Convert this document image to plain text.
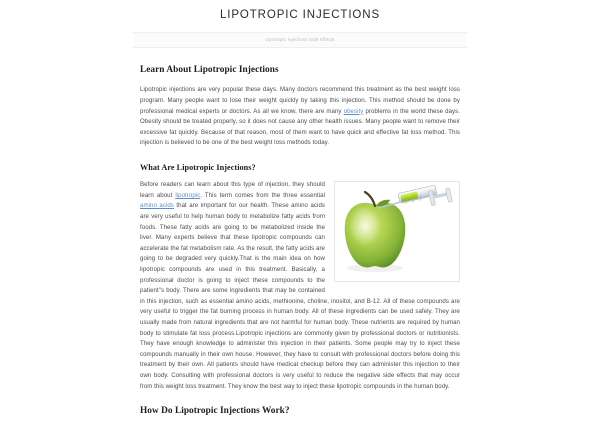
LIPOTROPIC INJECTIONS
Lipotropic Injections Side Effects
Learn About Lipotropic Injections

Lipotropic injections are very popular these days. Many doctors recommend this treatment as the best weight loss program. Many people want to lose their weight quickly by taking this injection. This method should be done by professional medical experts or doctors. As all we know, there are many obesity problems in the world these days. Obesity should be treated properly, so it does not cause any other health issues. Many people want to remove their excessive fat quickly. Because of that reason, most of them want to have quick and effective fat loss method. This injection is believed to be one of the best weight loss methods today.

What Are Lipotropic Injections?

Before readers can learn about this type of injection, they should learn about lipotropic. This term comes from the three essential amino acids that are important for our health. These amino acids are very useful to help human body to metabolize fatty acids from foods. These fatty acids are going to be metabolized inside the liver. Many experts believe that these lipotropic compounds can accelerate the fat metabolism rate. As the result, the fatty acids are going to be degraded very quickly.That is the main idea on how lipotropic compounds are used in this treatment. Basically, a professional doctor is going to inject these compounds to the patient"s body. There are some ingredients that may be contained in this injection, such as essential amino acids, methionine, choline, inositol, and B-12. All of these compounds are very useful to trigger the fat burning process in human body. All of these ingredients can be used safely. They are usually made from natural ingredients that are not harmful for human body. These nutrients are required by human body to stimulate fat loss process.Lipotropic injections are commonly given by professional doctors or nutritionists. They have enough knowledge to administer this injection in their patients. Some people may try to inject these compounds manually in their own house. However, they have to consult with professional doctors before doing this treatment by their own. All patients should have medical checkup before they can administer this injection to their own body. Consulting with professional doctors is very useful to reduce the negative side effects that may occur from this weight loss treatment. They know the best way to inject these lipotropic compounds in the human body.

How Do Lipotropic Injections Work?
